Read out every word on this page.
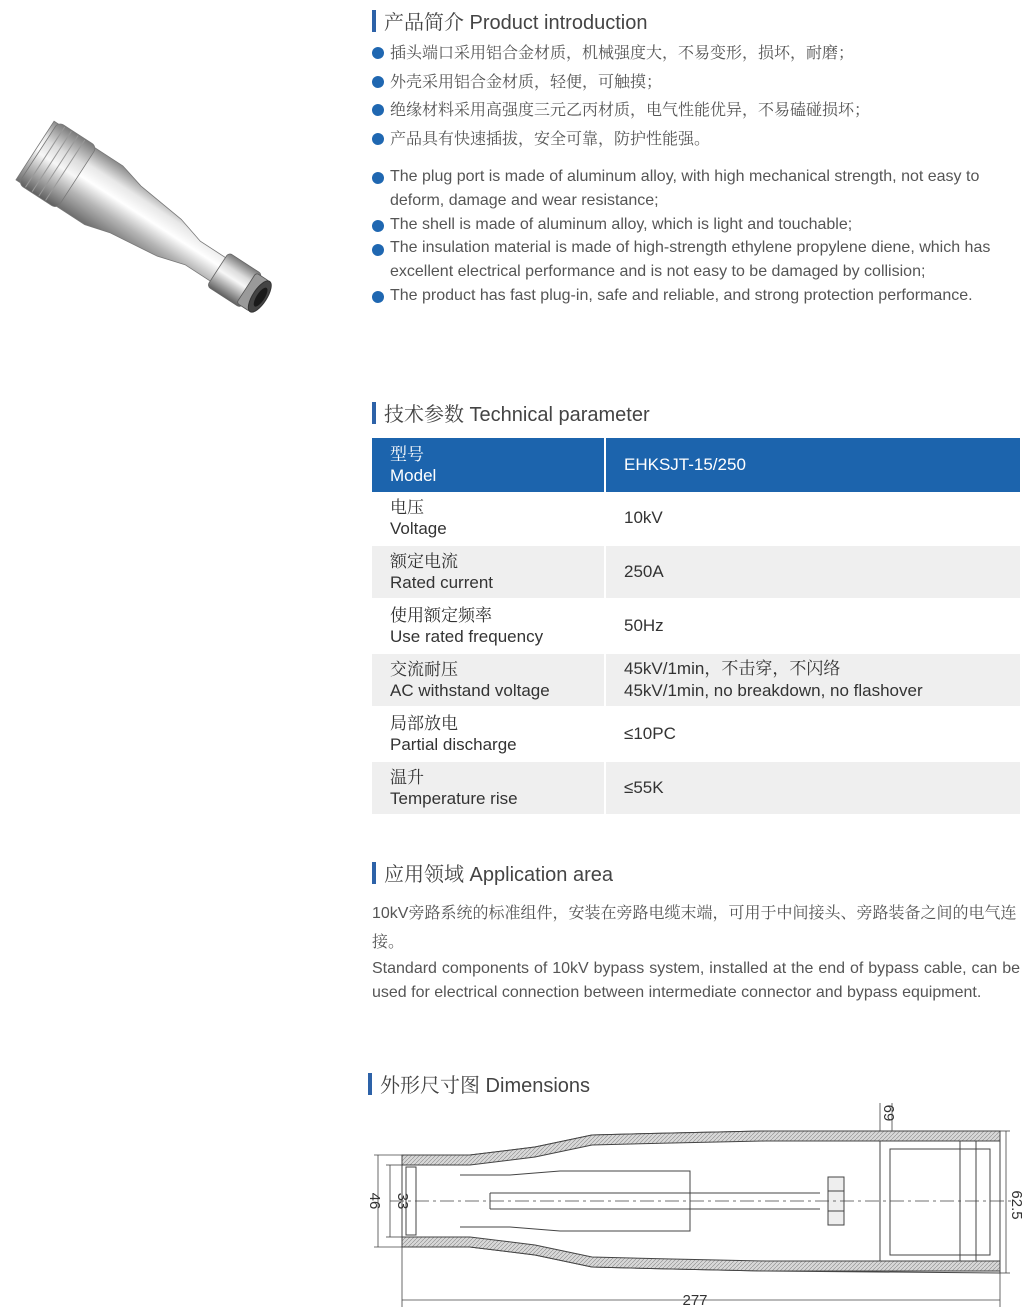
产品简介 Product introduction
插头端口采用铝合金材质，机械强度大，不易变形，损坏，耐磨；
外壳采用铝合金材质，轻便，可触摸；
绝缘材料采用高强度三元乙丙材质，电气性能优异，不易磕碰损坏；
产品具有快速插拔，安全可靠，防护性能强。
The plug port is made of aluminum alloy, with high mechanical strength, not easy to deform, damage and wear resistance;
The shell is made of aluminum alloy, which is light and touchable;
The insulation material is made of high-strength ethylene propylene diene, which has excellent electrical performance and is not easy to be damaged by collision;
The product has fast plug-in, safe and reliable, and strong protection performance.
技术参数 Technical parameter
型号
Model	EHKSJT-15/250

电压
Voltage	10kV

额定电流
Rated current	250A

使用额定频率
Use rated frequency	50Hz

交流耐压
AC withstand voltage	45kV/1min，不击穿，不闪络
45kV/1min, no breakdown, no flashover

局部放电
Partial discharge	≤10PC

温升
Temperature rise	≤55K
应用领域 Application area
10kV旁路系统的标准组件，安装在旁路电缆末端，可用于中间接头、旁路装备之间的电气连接。
Standard components of 10kV bypass system, installed at the end of bypass cable, can be used for electrical connection between intermediate connector and bypass equipment.
外形尺寸图 Dimensions
277
33
46	62.5
69
